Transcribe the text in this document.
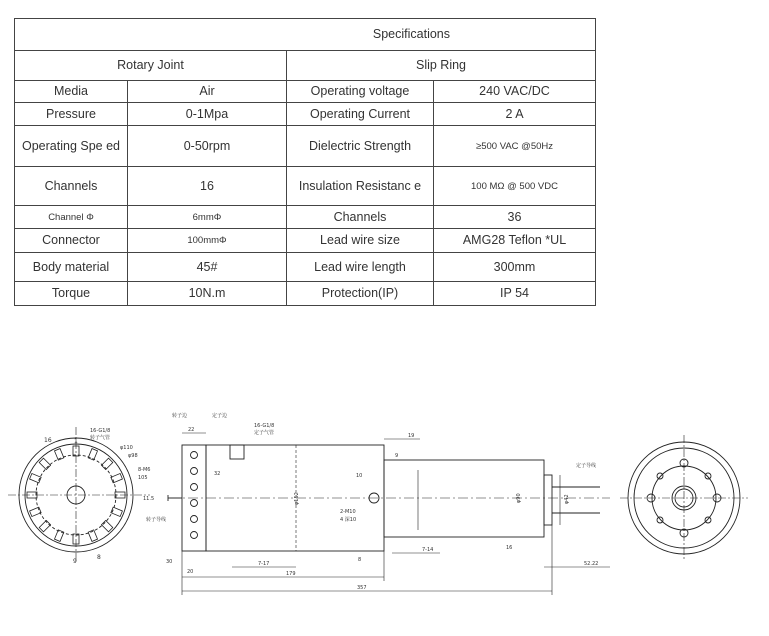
Specifications			
Rotary Joint		Slip Ring	
Media	Air	Operating voltage	240 VAC/DC
Pressure	0-1Mpa	Operating Current	2 A
Operating Spe ed	0-50rpm	Dielectric Strength	≥500 VAC @50Hz
Channels	16	Insulation Resistanc e	100 MΩ @ 500 VDC
Channel Φ	6mmΦ	Channels	36
Connector	100mmΦ	Lead wire size	AMG28 Teflon *UL
Body material	45#	Lead wire length	300mm
Torque	10N.m	Protection(IP)	IP 54
16	1
9
8
16-G1/8
转子气管
φ110
φ98
8-M6
105
11.5
转子边	定子边
16-G1/8
定子气管
22
32
30
20	179
357
7-17
7-14
10
19
9
16
8
φ152	φ90	φ42
52.22
2-M10
4 深10
定子导线
转子导线
